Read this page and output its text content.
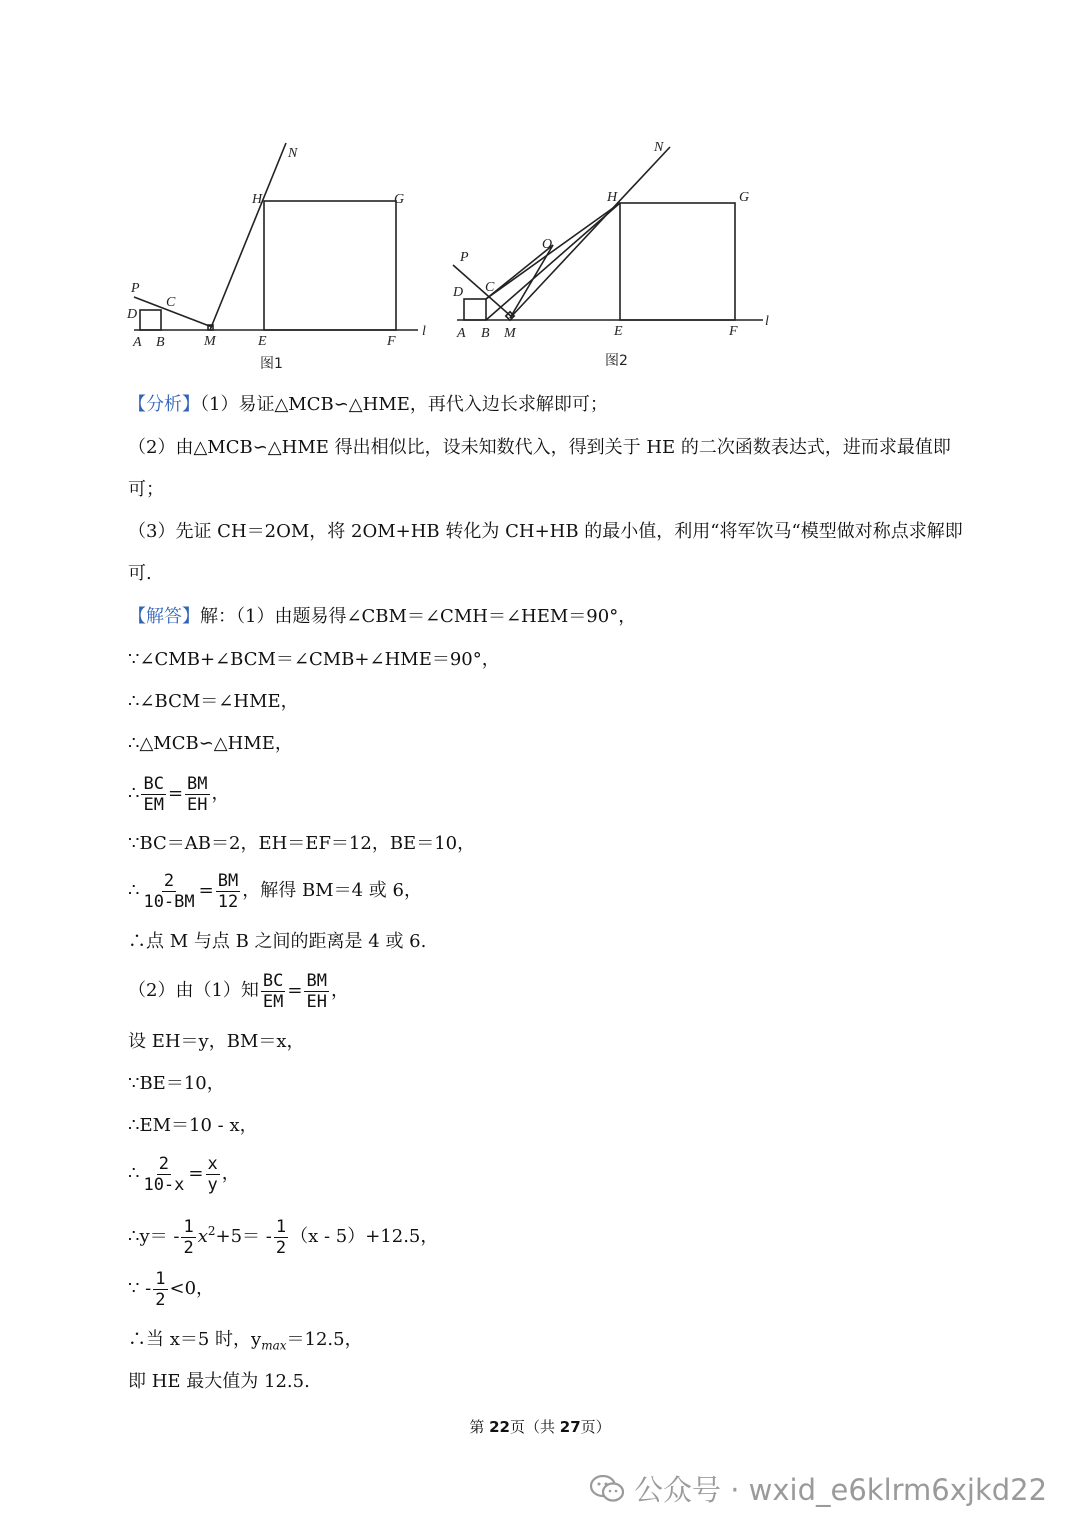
N
H	G
P
C
D
A B	M	E	F
l
图1
N
H	G
O
P
C
D
A B M	E	F
l
图2
【分析】（1）易证△MCB∽△HME，再代入边长求解即可；
（2）由△MCB∽△HME 得出相似比，设未知数代入，得到关于 HE 的二次函数表达式，进而求最值即
可；
（3）先证 CH＝2OM，将 2OM+HB 转化为 CH+HB 的最小值，利用“将军饮马“模型做对称点求解即
可.
【解答】解：（1）由题易得∠CBM＝∠CMH＝∠HEM＝90°，
∵∠CMB+∠BCM＝∠CMB+∠HME＝90°，
∴∠BCM＝∠HME，
∴△MCB∽△HME，
∴ $\frac{BC}{EM} = \frac{BM}{EH}$ ，
∵BC＝AB＝2，EH＝EF＝12，BE＝10，
∴ $\frac{2}{10-BM} = \frac{BM}{12}$ ，解得 BM＝4 或 6，
∴点 M 与点 B 之间的距离是 4 或 6.
（2）由（1）知 $\frac{BC}{EM} = \frac{BM}{EH}$ ，
设 EH＝y，BM＝x，
∵BE＝10，
∴EM＝10 - x，
∴ $\frac{2}{10-x} = \frac{x}{y}$ ，
∴y＝ - $\frac{1}{2} x^2+5= - \frac{1}{2} (x - 5)+12.5$，
∵ - $\frac{1}{2} <0$，
∴当 x＝5 时，$y_{max}=12.5$，
即 HE 最大值为 12.5.
第 22页（共 27页）
公众号 · wxid_e6klrm6xjkd22
